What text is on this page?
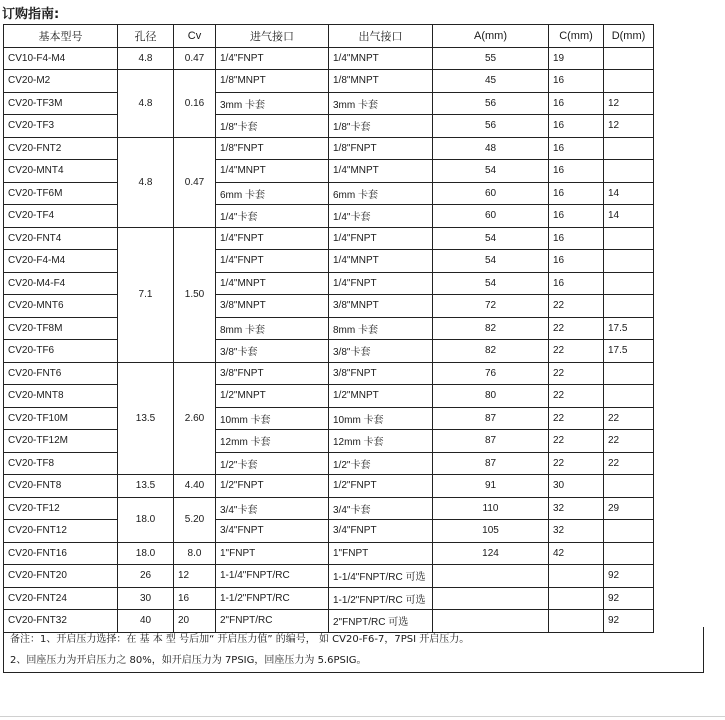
订购指南:
基本型号	孔径	Cv	进气接口	出气接口	A(mm)	C(mm)	D(mm)
CV10-F4-M4	4.8	0.47	1/4"FNPT	1/4"MNPT	55	19	
CV20-M2	4.8	0.16	1/8"MNPT	1/8"MNPT	45	16	
CV20-TF3M			3mm 卡套	3mm 卡套	56	16	12
CV20-TF3			1/8"卡套	1/8"卡套	56	16	12
CV20-FNT2	4.8	0.47	1/8"FNPT	1/8"FNPT	48	16	
CV20-MNT4			1/4"MNPT	1/4"MNPT	54	16	
CV20-TF6M			6mm 卡套	6mm 卡套	60	16	14
CV20-TF4			1/4"卡套	1/4"卡套	60	16	14
CV20-FNT4	7.1	1.50	1/4"FNPT	1/4"FNPT	54	16	
CV20-F4-M4			1/4"FNPT	1/4"MNPT	54	16	
CV20-M4-F4			1/4"MNPT	1/4"FNPT	54	16	
CV20-MNT6			3/8"MNPT	3/8"MNPT	72	22	
CV20-TF8M			8mm 卡套	8mm 卡套	82	22	17.5
CV20-TF6			3/8"卡套	3/8"卡套	82	22	17.5
CV20-FNT6	13.5	2.60	3/8"FNPT	3/8"FNPT	76	22	
CV20-MNT8			1/2"MNPT	1/2"MNPT	80	22	
CV20-TF10M			10mm 卡套	10mm 卡套	87	22	22
CV20-TF12M			12mm 卡套	12mm 卡套	87	22	22
CV20-TF8			1/2"卡套	1/2"卡套	87	22	22
CV20-FNT8	13.5	4.40	1/2"FNPT	1/2"FNPT	91	30	
CV20-TF12	18.0	5.20	3/4"卡套	3/4"卡套	110	32	29
CV20-FNT12			3/4"FNPT	3/4"FNPT	105	32	
CV20-FNT16	18.0	8.0	1"FNPT	1"FNPT	124	42	
CV20-FNT20	26	12	1-1/4"FNPT/RC	1-1/4"FNPT/RC 可选			92
CV20-FNT24	30	16	1-1/2"FNPT/RC	1-1/2"FNPT/RC 可选			92
CV20-FNT32	40	20	2"FNPT/RC	2"FNPT/RC 可选			92

备注：1、开启压力选择：在 基 本 型 号后加“ 开启压力值” 的编号， 如 CV20-F6-7，7PSI 开启压力。

2、回座压力为开启压力之 80%，如开启压力为 7PSIG，回座压力为 5.6PSIG。
